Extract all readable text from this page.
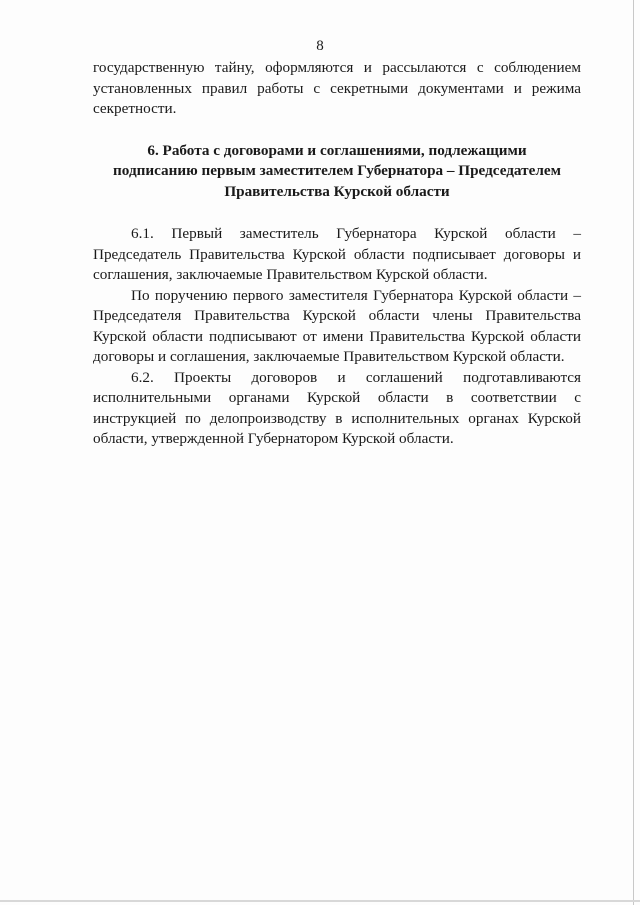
8

государственную тайну, оформляются и рассылаются с соблюдением установленных правил работы с секретными документами и режима секретности.

6. Работа с договорами и соглашениями, подлежащими
подписанию первым заместителем Губернатора – Председателем
Правительства Курской области

6.1. Первый заместитель Губернатора Курской области – Председатель Правительства Курской области подписывает договоры и соглашения, заключаемые Правительством Курской области.

По поручению первого заместителя Губернатора Курской области – Председателя Правительства Курской области члены Правительства Курской области подписывают от имени Правительства Курской области договоры и соглашения, заключаемые Правительством Курской области.

6.2. Проекты договоров и соглашений подготавливаются исполнительными органами Курской области в соответствии с инструкцией по делопроизводству в исполнительных органах Курской области, утвержденной Губернатором Курской области.
